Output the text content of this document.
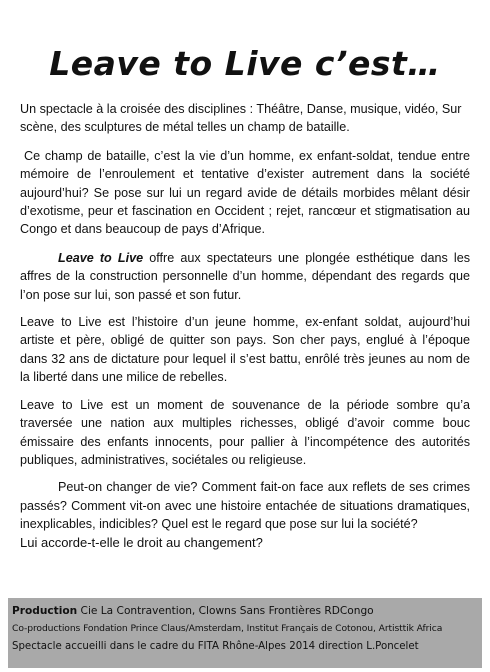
Leave to Live c’est…

Un spectacle à la croisée des disciplines : Théâtre, Danse, musique, vidéo, Sur scène, des sculptures de métal telles un champ de bataille.

Ce champ de bataille, c’est la vie d’un homme, ex enfant-soldat, tendue entre mémoire de l’enroulement et tentative d’exister autrement dans la société aujourd’hui? Se pose sur lui un regard avide de détails morbides mêlant désir d’exotisme, peur et fascination en Occident ; rejet, rancœur et stigmatisation au Congo et dans beaucoup de pays d’Afrique.

Leave to Live offre aux spectateurs une plongée esthétique dans les affres de la construction personnelle d’un homme, dépendant des regards que l’on pose sur lui, son passé et son futur.

Leave to Live est l’histoire d’un jeune homme, ex-enfant soldat, aujourd’hui artiste et père, obligé de quitter son pays. Son cher pays, englué à l’époque dans 32 ans de dictature pour lequel il s’est battu, enrôlé très jeunes au nom de la liberté dans une milice de rebelles.

Leave to Live est un moment de souvenance de la période sombre qu’a traversée une nation aux multiples richesses, obligé d’avoir comme bouc émissaire des enfants innocents, pour pallier à l’incompétence des autorités publiques, administratives, sociétales ou religieuse.

Peut-on changer de vie? Comment fait-on face aux reflets de ses crimes passés? Comment vit-on avec une histoire entachée de situations dramatiques, inexplicables, indicibles? Quel est le regard que pose sur lui la société?
Lui accorde-t-elle le droit au changement?

Production Cie La Contravention, Clowns Sans Frontières RDCongo
Co-productions Fondation Prince Claus/Amsterdam, Institut Français de Cotonou, Artisttik Africa
Spectacle accueilli dans le cadre du FITA Rhône-Alpes 2014 direction L.Poncelet
